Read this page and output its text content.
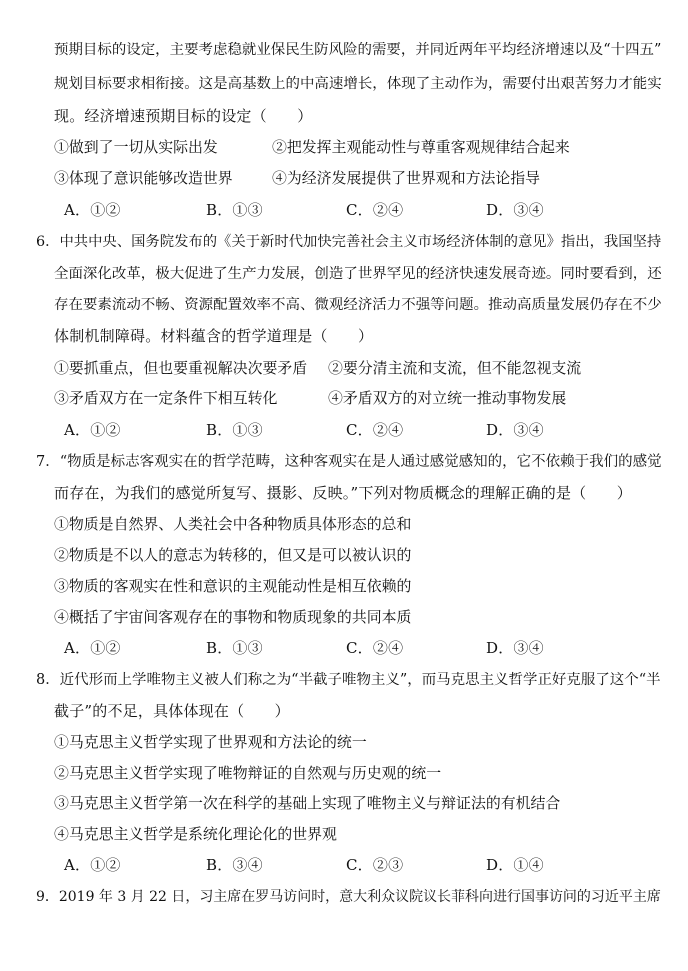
预期目标的设定，主要考虑稳就业保民生防风险的需要，并同近两年平均经济增速以及“十四五”
规划目标要求相衔接。这是高基数上的中高速增长，体现了主动作为，需要付出艰苦努力才能实
现。经济增速预期目标的设定（　　）
①做到了一切从实际出发	②把发挥主观能动性与尊重客观规律结合起来
③体现了意识能够改造世界	④为经济发展提供了世界观和方法论指导
A．①②	B．①③	C．②④	D．③④
6．中共中央、国务院发布的《关于新时代加快完善社会主义市场经济体制的意见》指出，我国坚持
全面深化改革，极大促进了生产力发展，创造了世界罕见的经济快速发展奇迹。同时要看到，还
存在要素流动不畅、资源配置效率不高、微观经济活力不强等问题。推动高质量发展仍存在不少
体制机制障碍。材料蕴含的哲学道理是（　　）
①要抓重点，但也要重视解决次要矛盾 ②要分清主流和支流，但不能忽视支流
③矛盾双方在一定条件下相互转化	④矛盾双方的对立统一推动事物发展
A．①②	B．①③	C．②④	D．③④
7．“物质是标志客观实在的哲学范畴，这种客观实在是人通过感觉感知的，它不依赖于我们的感觉
而存在，为我们的感觉所复写、摄影、反映。”下列对物质概念的理解正确的是（　　）
①物质是自然界、人类社会中各种物质具体形态的总和
②物质是不以人的意志为转移的，但又是可以被认识的
③物质的客观实在性和意识的主观能动性是相互依赖的
④概括了宇宙间客观存在的事物和物质现象的共同本质
A．①②	B．①③	C．②④	D．③④
8．近代形而上学唯物主义被人们称之为“半截子唯物主义”，而马克思主义哲学正好克服了这个“半
截子”的不足，具体体现在（　　）
①马克思主义哲学实现了世界观和方法论的统一
②马克思主义哲学实现了唯物辩证的自然观与历史观的统一
③马克思主义哲学第一次在科学的基础上实现了唯物主义与辩证法的有机结合
④马克思主义哲学是系统化理论化的世界观
A．①②	B．③④	C．②③	D．①④
9．2019 年 3 月 22 日，习主席在罗马访问时，意大利众议院议长菲科向进行国事访问的习近平主席
